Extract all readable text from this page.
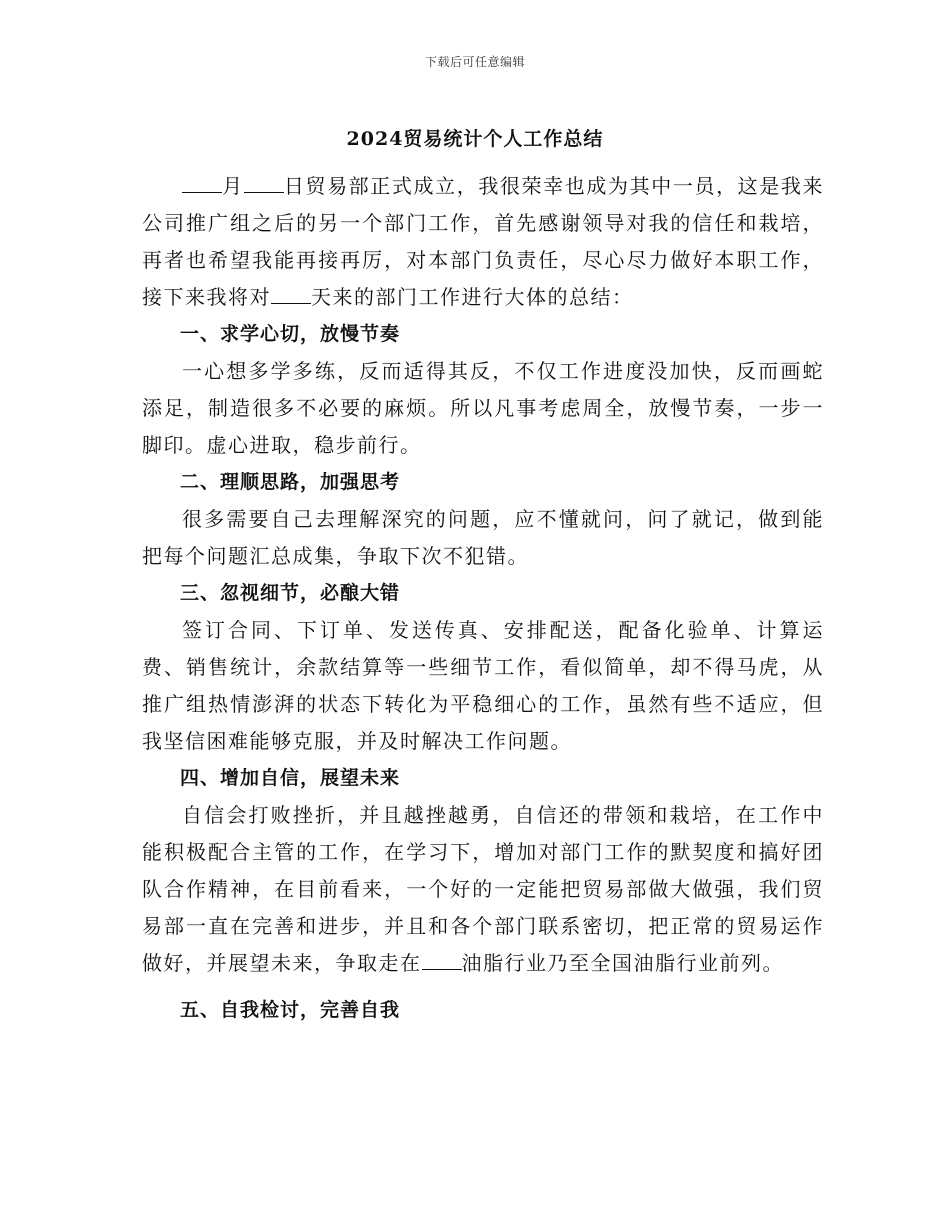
下载后可任意编辑
2024贸易统计个人工作总结

月 日贸易部正式成立，我很荣幸也成为其中一员，这是我来公司推广组之后的另一个部门工作，首先感谢领导对我的信任和栽培，再者也希望我能再接再厉，对本部门负责任，尽心尽力做好本职工作，接下来我将对 天来的部门工作进行大体的总结：

一、求学心切，放慢节奏

一心想多学多练，反而适得其反，不仅工作进度没加快，反而画蛇添足，制造很多不必要的麻烦。所以凡事考虑周全，放慢节奏，一步一脚印。虚心进取，稳步前行。

二、理顺思路，加强思考

很多需要自己去理解深究的问题，应不懂就问，问了就记，做到能把每个问题汇总成集，争取下次不犯错。

三、忽视细节，必酿大错

签订合同、下订单、发送传真、安排配送，配备化验单、计算运费、销售统计，余款结算等一些细节工作，看似简单，却不得马虎，从推广组热情澎湃的状态下转化为平稳细心的工作，虽然有些不适应，但我坚信困难能够克服，并及时解决工作问题。

四、增加自信，展望未来

自信会打败挫折，并且越挫越勇，自信还的带领和栽培，在工作中能积极配合主管的工作，在学习下，增加对部门工作的默契度和搞好团队合作精神，在目前看来，一个好的一定能把贸易部做大做强，我们贸易部一直在完善和进步，并且和各个部门联系密切，把正常的贸易运作做好，并展望未来，争取走在 油脂行业乃至全国油脂行业前列。

五、自我检讨，完善自我
